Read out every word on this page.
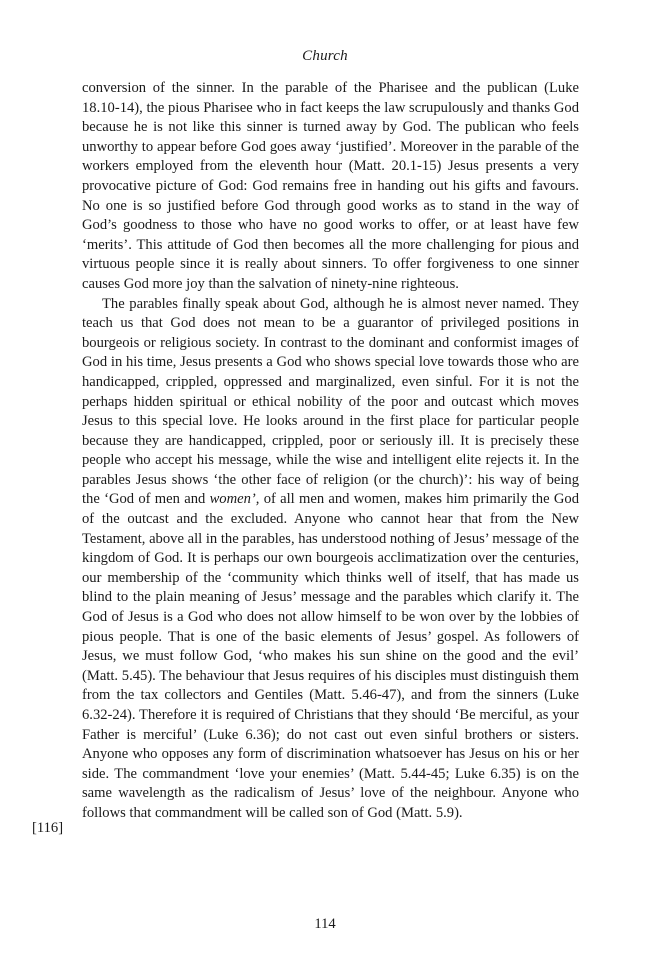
Church

conversion of the sinner. In the parable of the Pharisee and the publican (Luke 18.10-14), the pious Pharisee who in fact keeps the law scrupulously and thanks God because he is not like this sinner is turned away by God. The publican who feels unworthy to appear before God goes away ‘justified’. Moreover in the parable of the workers employed from the eleventh hour (Matt. 20.1-15) Jesus presents a very provocative picture of God: God remains free in handing out his gifts and favours. No one is so justified before God through good works as to stand in the way of God’s goodness to those who have no good works to offer, or at least have few ‘merits’. This attitude of God then becomes all the more challenging for pious and virtuous people since it is really about sinners. To offer forgiveness to one sinner causes God more joy than the salvation of ninety-nine righteous.

The parables finally speak about God, although he is almost never named. They teach us that God does not mean to be a guarantor of privileged positions in bourgeois or religious society. In contrast to the dominant and conformist images of God in his time, Jesus presents a God who shows special love towards those who are handicapped, crippled, oppressed and marginalized, even sinful. For it is not the perhaps hidden spiritual or ethical nobility of the poor and outcast which moves Jesus to this special love. He looks around in the first place for particular people because they are handicapped, crippled, poor or seriously ill. It is precisely these people who accept his message, while the wise and intelligent elite rejects it. In the parables Jesus shows ‘the other face of religion (or the church)’: his way of being the ‘God of men and women’, of all men and women, makes him primarily the God of the outcast and the excluded. Anyone who cannot hear that from the New Testament, above all in the parables, has understood nothing of Jesus’ message of the kingdom of God. It is perhaps our own bourgeois acclimatization over the centuries, our membership of the ‘community which thinks well of itself, that has made us blind to the plain meaning of Jesus’ message and the parables which clarify it. The God of Jesus is a God who does not allow himself to be won over by the lobbies of pious people. That is one of the basic elements of Jesus’ gospel. As followers of Jesus, we must follow God, ‘who makes his sun shine on the good and the evil’ (Matt. 5.45). The behaviour that Jesus requires of his disciples must distinguish them from the tax collectors and Gentiles (Matt. 5.46-47), and from the sinners (Luke 6.32-24). Therefore it is required of Christians that they should ‘Be merciful, as your Father is merciful’ (Luke 6.36); do not cast out even sinful brothers or sisters. Anyone who opposes any form of discrimination whatsoever has Jesus on his or her side. The commandment ‘love your enemies’ (Matt. 5.44-45; Luke 6.35) is on the same wavelength as the radicalism of Jesus’ love of the neighbour. Anyone who follows that commandment will be called son of God (Matt. 5.9).

[116]
114
